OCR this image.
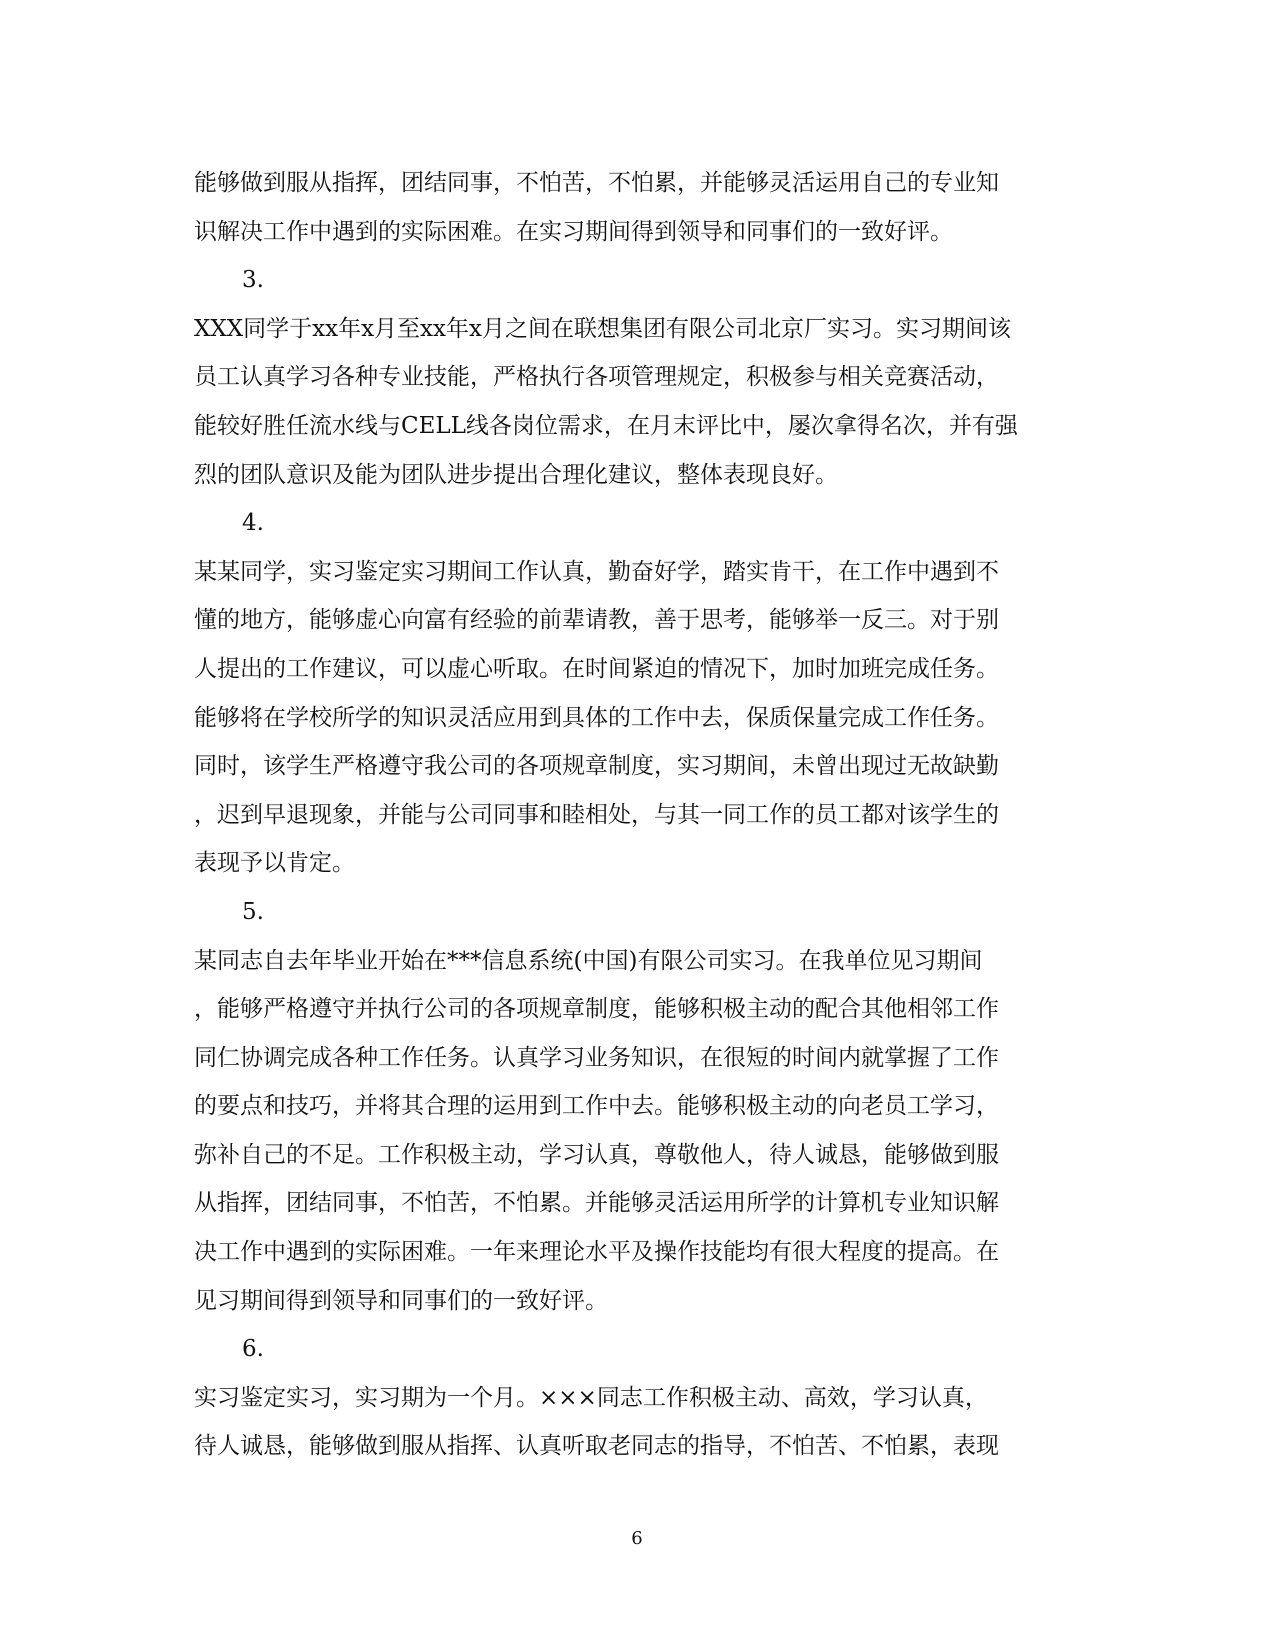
能够做到服从指挥，团结同事，不怕苦，不怕累，并能够灵活运用自己的专业知
识解决工作中遇到的实际困难。在实习期间得到领导和同事们的一致好评。
3.
XXX同学于xx年x月至xx年x月之间在联想集团有限公司北京厂实习。实习期间该
员工认真学习各种专业技能，严格执行各项管理规定，积极参与相关竞赛活动，
能较好胜任流水线与CELL线各岗位需求，在月末评比中，屡次拿得名次，并有强
烈的团队意识及能为团队进步提出合理化建议，整体表现良好。
4.
某某同学，实习鉴定实习期间工作认真，勤奋好学，踏实肯干，在工作中遇到不
懂的地方，能够虚心向富有经验的前辈请教，善于思考，能够举一反三。对于别
人提出的工作建议，可以虚心听取。在时间紧迫的情况下，加时加班完成任务。
能够将在学校所学的知识灵活应用到具体的工作中去，保质保量完成工作任务。
同时，该学生严格遵守我公司的各项规章制度，实习期间，未曾出现过无故缺勤
，迟到早退现象，并能与公司同事和睦相处，与其一同工作的员工都对该学生的
表现予以肯定。
5.
某同志自去年毕业开始在***信息系统(中国)有限公司实习。在我单位见习期间
，能够严格遵守并执行公司的各项规章制度，能够积极主动的配合其他相邻工作
同仁协调完成各种工作任务。认真学习业务知识，在很短的时间内就掌握了工作
的要点和技巧，并将其合理的运用到工作中去。能够积极主动的向老员工学习，
弥补自己的不足。工作积极主动，学习认真，尊敬他人，待人诚恳，能够做到服
从指挥，团结同事，不怕苦，不怕累。并能够灵活运用所学的计算机专业知识解
决工作中遇到的实际困难。一年来理论水平及操作技能均有很大程度的提高。在
见习期间得到领导和同事们的一致好评。
6.
实习鉴定实习，实习期为一个月。×××同志工作积极主动、高效，学习认真，
待人诚恳，能够做到服从指挥、认真听取老同志的指导，不怕苦、不怕累，表现
6
